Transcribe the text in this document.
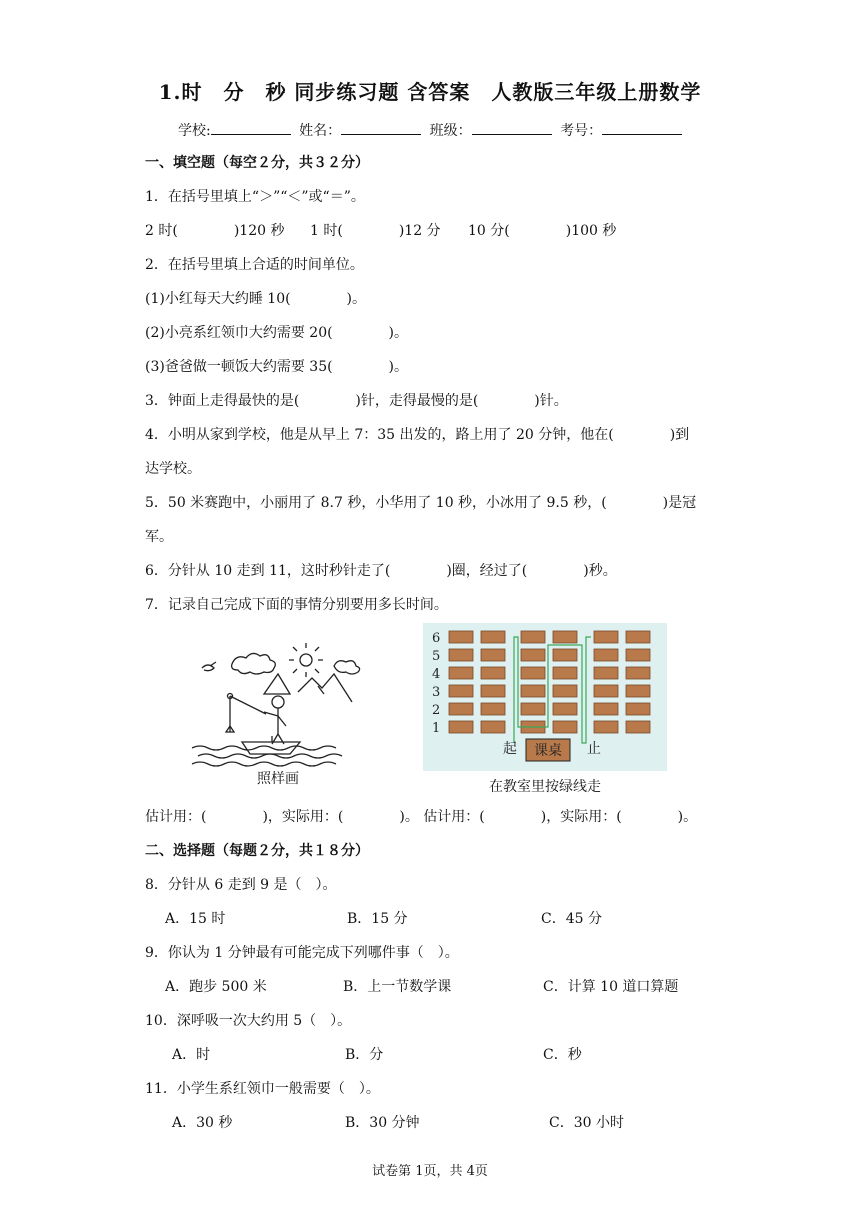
1.时　分　秒 同步练习题 含答案　人教版三年级上册数学
学校:	姓名：	班级：	考号：
一、填空题（每空２分，共３２分）
1．在括号里填上“＞”“＜”或“＝”。
2 时(　　　　)120 秒 1 时(　　　　)12 分 10 分(　　　　)100 秒
2．在括号里填上合适的时间单位。
(1)小红每天大约睡 10(　　　　)。
(2)小亮系红领巾大约需要 20(　　　　)。
(3)爸爸做一顿饭大约需要 35(　　　　)。
3．钟面上走得最快的是(　　　　)针，走得最慢的是(　　　　)针。
4．小明从家到学校，他是从早上 7：35 出发的，路上用了 20 分钟，他在(　　　　)到
达学校。
5．50 米赛跑中，小丽用了 8.7 秒，小华用了 10 秒，小冰用了 9.5 秒，(　　　　)是冠
军。
6．分针从 10 走到 11，这时秒针走了(　　　　)圈，经过了(　　　　)秒。
7．记录自己完成下面的事情分别要用多长时间。
照样画
6
5
4
3
2
1
起 课桌 止
在教室里按绿线走
估计用：(　　　　)，实际用：(　　　　)。 估计用：(　　　　)，实际用：(　　　　)。
二、选择题（每题２分，共１８分）
8．分针从 6 走到 9 是（　）。
A．15 时	B．15 分	C．45 分
9．你认为 1 分钟最有可能完成下列哪件事（　）。
A．跑步 500 米	B．上一节数学课	C．计算 10 道口算题
10．深呼吸一次大约用 5（　）。
A．时	B．分	C．秒
11．小学生系红领巾一般需要（　）。
A．30 秒	B．30 分钟	C．30 小时
试卷第 1页，共 4页
